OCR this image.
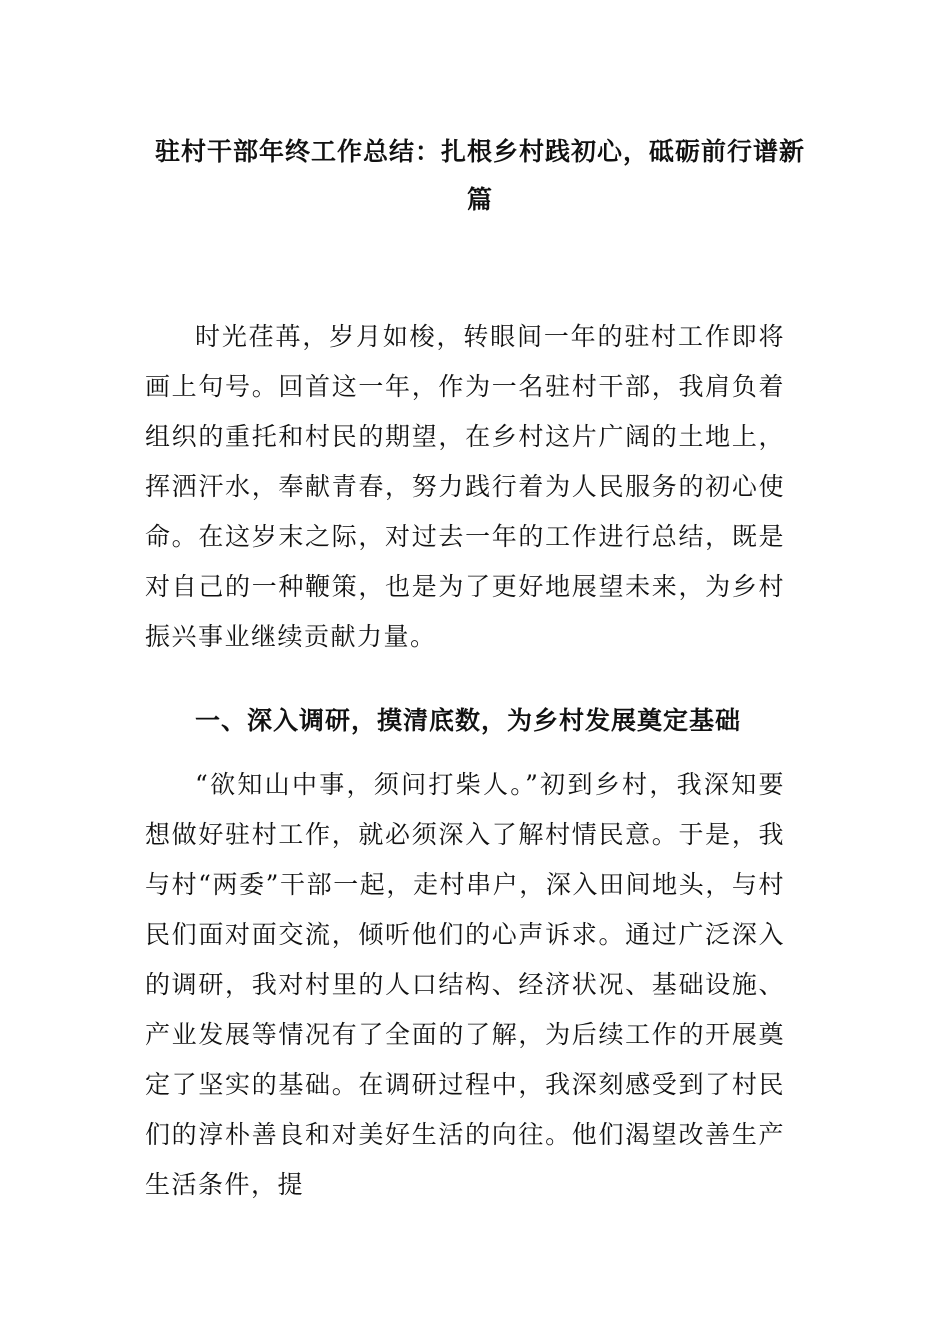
驻村干部年终工作总结：扎根乡村践初心，砥砺前行谱新篇

时光荏苒，岁月如梭，转眼间一年的驻村工作即将画上句号。回首这一年，作为一名驻村干部，我肩负着组织的重托和村民的期望，在乡村这片广阔的土地上，挥洒汗水，奉献青春，努力践行着为人民服务的初心使命。在这岁末之际，对过去一年的工作进行总结，既是对自己的一种鞭策，也是为了更好地展望未来，为乡村振兴事业继续贡献力量。

一、深入调研，摸清底数，为乡村发展奠定基础

“欲知山中事，须问打柴人。”初到乡村，我深知要想做好驻村工作，就必须深入了解村情民意。于是，我与村“两委”干部一起，走村串户，深入田间地头，与村民们面对面交流，倾听他们的心声诉求。通过广泛深入的调研，我对村里的人口结构、经济状况、基础设施、产业发展等情况有了全面的了解，为后续工作的开展奠定了坚实的基础。在调研过程中，我深刻感受到了村民们的淳朴善良和对美好生活的向往。他们渴望改善生产生活条件，提
